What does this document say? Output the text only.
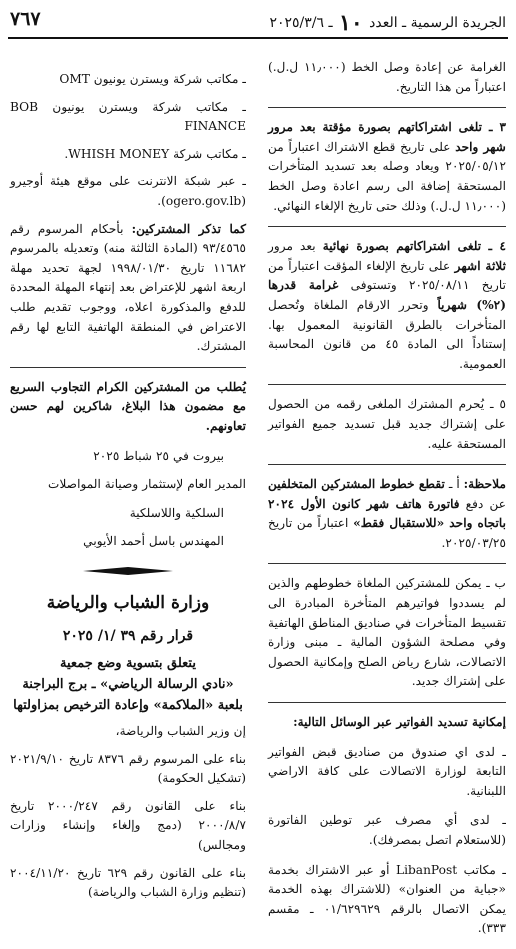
٧٦٧	الجريدة الرسمية ـ العدد ١٠ ـ ٢٠٢٥/٣/٦

الغرامة عن إعادة وصل الخط (١١٫٠٠٠ ل.ل.) اعتباراً من هذا التاريخ.

٣ ـ تلغى اشتراكاتهم بصورة مؤقتة بعد مرور شهر واحد على تاريخ قطع الاشتراك اعتباراً من ٢٠٢٥/٠٥/١٢ ويعاد وصله بعد تسديد المتأخرات المستحقة إضافة الى رسم اعادة وصل الخط (١١٫٠٠٠ ل.ل.) وذلك حتى تاريخ الإلغاء النهائي.

٤ ـ تلغى اشتراكاتهم بصورة نهائية بعد مرور ثلاثة اشهر على تاريخ الإلغاء المؤقت اعتباراً من تاريخ ٢٠٢٥/٠٨/١١ وتستوفى غرامة قدرها (٢%) شهرياً وتحرر الارقام الملغاة وتُحصل المتأخرات بالطرق القانونية المعمول بها. إستناداً الى المادة ٤٥ من قانون المحاسبة العمومية.

٥ ـ يُحرم المشترك الملغى رقمه من الحصول على إشتراك جديد قبل تسديد جميع الفواتير المستحقة عليه.

ملاحظة: أ ـ تقطع خطوط المشتركين المتخلفين عن دفع فاتورة هاتف شهر كانون الأول ٢٠٢٤ باتجاه واحد «للاستقبال فقط» اعتباراً من تاريخ ٢٠٢٥/٠٣/٢٥.

ب ـ يمكن للمشتركين الملغاة خطوطهم والذين لم يسددوا فواتيرهم المتأخرة المبادرة الى تقسيط المتأخرات في صناديق المناطق الهاتفية وفي مصلحة الشؤون المالية ـ مبنى وزارة الاتصالات، شارع رياض الصلح وإمكانية الحصول على إشتراك جديد.

إمكانية تسديد الفواتير عبر الوسائل التالية:

ـ لدى اي صندوق من صناديق قبض الفواتير التابعة لوزارة الاتصالات على كافة الاراضي اللبنانية.

ـ لدى أي مصرف عبر توطين الفاتورة (للاستعلام اتصل بمصرفك).

ـ مكاتب LibanPost أو عبر الاشتراك بخدمة «جباية من العنوان» (للاشتراك بهذه الخدمة يمكن الاتصال بالرقم ٠١/٦٢٩٦٢٩ ـ مقسم ٣٣٣).

ـ مكاتب شركة ويسترن يونيون OMT

ـ مكاتب شركة ويسترن يونيون BOB FINANCE

ـ مكاتب شركة WHISH MONEY.

ـ عبر شبكة الانترنت على موقع هيئة أوجيرو (ogero.gov.lb).

كما تذكر المشتركين: بأحكام المرسوم رقم ٩٣/٤٥٦٥ (المادة الثالثة منه) وتعديله بالمرسوم ١١٦٨٢ تاريخ ١٩٩٨/٠١/٣٠ لجهة تحديد مهلة اربعة اشهر للإعتراض بعد إنتهاء المهلة المحددة للدفع والمذكورة اعلاه، ووجوب تقديم طلب الاعتراض في المنطقة الهاتفية التابع لها رقم المشترك.

يُطلب من المشتركين الكرام التجاوب السريع مع مضمون هذا البلاغ، شاكرين لهم حسن تعاونهم.

بيروت في ٢٥ شباط ٢٠٢٥

المدير العام لإستثمار وصيانة المواصلات

السلكية واللاسلكية

المهندس باسل أحمد الأيوبي

وزارة الشباب والرياضة
قرار رقم ٣٩ /١/ ٢٠٢٥
يتعلق بتسوية وضع جمعية
«نادي الرسالة الرياضي» ـ برج البراجنة
بلعبة «الملاكمة» وإعادة الترخيص بمزاولتها

إن وزير الشباب والرياضة،

بناء على المرسوم رقم ٨٣٧٦ تاريخ ٢٠٢١/٩/١٠ (تشكيل الحكومة)

بناء على القانون رقم ٢٠٠٠/٢٤٧ تاريخ ٢٠٠٠/٨/٧ (دمج وإلغاء وإنشاء وزارات ومجالس)

بناء على القانون رقم ٦٢٩ تاريخ ٢٠٠٤/١١/٢٠ (تنظيم وزارة الشباب والرياضة)
